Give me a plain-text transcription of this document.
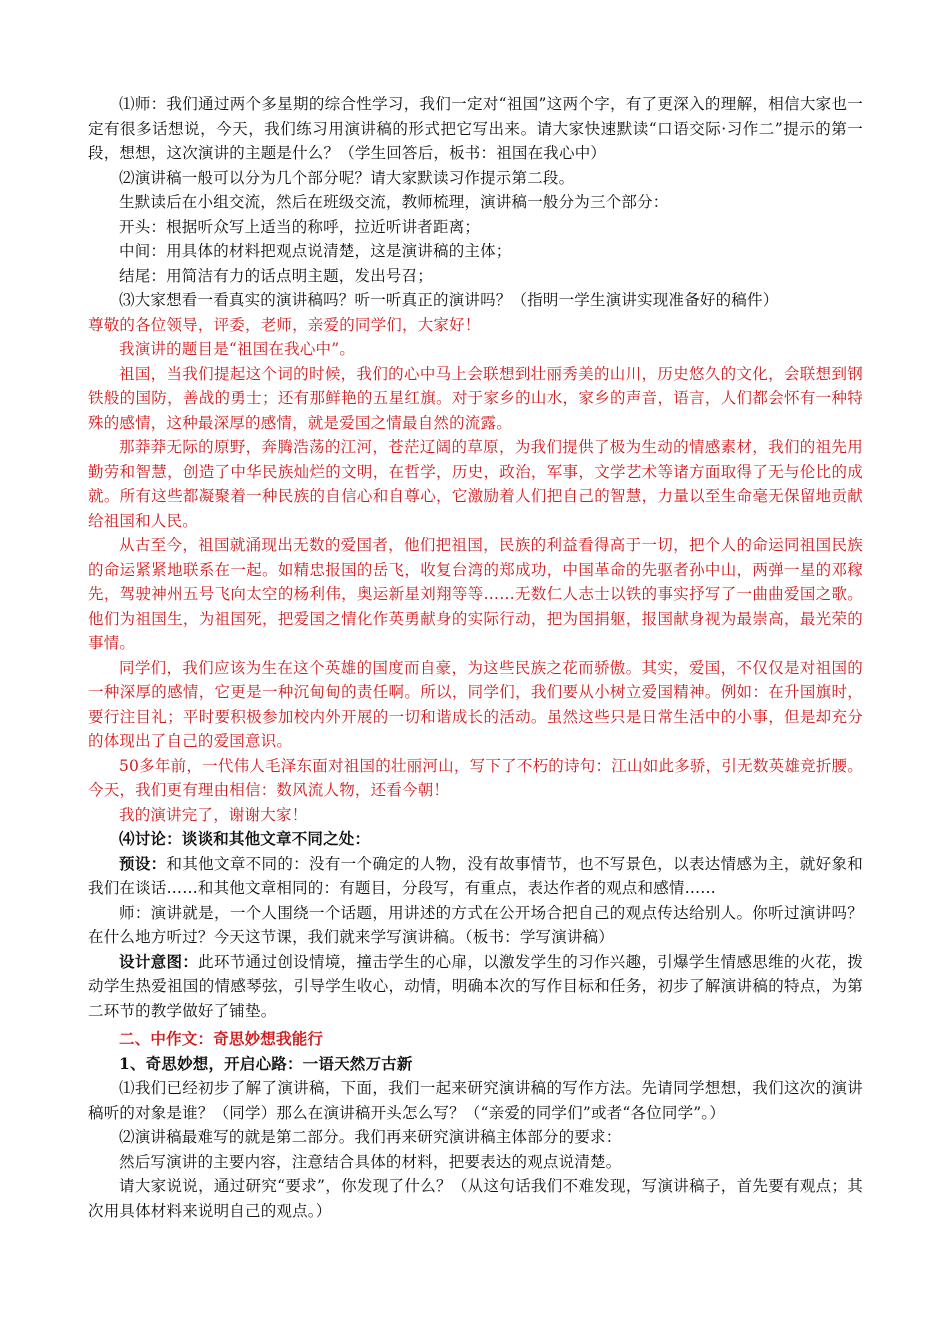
⑴师：我们通过两个多星期的综合性学习，我们一定对“祖国”这两个字，有了更深入的理解，相信大家也一定有很多话想说，今天，我们练习用演讲稿的形式把它写出来。请大家快速默读“口语交际·习作二”提示的第一段，想想，这次演讲的主题是什么？（学生回答后，板书：祖国在我心中）

⑵演讲稿一般可以分为几个部分呢？请大家默读习作提示第二段。

生默读后在小组交流，然后在班级交流，教师梳理，演讲稿一般分为三个部分：

开头：根据听众写上适当的称呼，拉近听讲者距离；

中间：用具体的材料把观点说清楚，这是演讲稿的主体；

结尾：用简洁有力的话点明主题，发出号召；

⑶大家想看一看真实的演讲稿吗？听一听真正的演讲吗？（指明一学生演讲实现准备好的稿件）

尊敬的各位领导，评委，老师，亲爱的同学们，大家好！

我演讲的题目是“祖国在我心中”。

祖国，当我们提起这个词的时候，我们的心中马上会联想到壮丽秀美的山川，历史悠久的文化，会联想到钢铁般的国防，善战的勇士；还有那鲜艳的五星红旗。对于家乡的山水，家乡的声音，语言，人们都会怀有一种特殊的感情，这种最深厚的感情，就是爱国之情最自然的流露。

那莽莽无际的原野，奔腾浩荡的江河，苍茫辽阔的草原，为我们提供了极为生动的情感素材，我们的祖先用勤劳和智慧，创造了中华民族灿烂的文明，在哲学，历史，政治，军事，文学艺术等诸方面取得了无与伦比的成就。所有这些都凝聚着一种民族的自信心和自尊心，它激励着人们把自己的智慧，力量以至生命毫无保留地贡献给祖国和人民。

从古至今，祖国就涌现出无数的爱国者，他们把祖国，民族的利益看得高于一切，把个人的命运同祖国民族的命运紧紧地联系在一起。如精忠报国的岳飞，收复台湾的郑成功，中国革命的先驱者孙中山，两弹一星的邓稼先，驾驶神州五号飞向太空的杨利伟，奥运新星刘翔等等……无数仁人志士以铁的事实抒写了一曲曲爱国之歌。他们为祖国生，为祖国死，把爱国之情化作英勇献身的实际行动，把为国捐躯，报国献身视为最崇高，最光荣的事情。

同学们，我们应该为生在这个英雄的国度而自豪，为这些民族之花而骄傲。其实，爱国，不仅仅是对祖国的一种深厚的感情，它更是一种沉甸甸的责任啊。所以，同学们，我们要从小树立爱国精神。例如：在升国旗时，要行注目礼；平时要积极参加校内外开展的一切和谐成长的活动。虽然这些只是日常生活中的小事，但是却充分的体现出了自己的爱国意识。

50多年前，一代伟人毛泽东面对祖国的壮丽河山，写下了不朽的诗句：江山如此多骄，引无数英雄竞折腰。今天，我们更有理由相信：数风流人物，还看今朝！

我的演讲完了，谢谢大家！

⑷讨论：谈谈和其他文章不同之处：

预设：和其他文章不同的：没有一个确定的人物，没有故事情节，也不写景色，以表达情感为主，就好象和我们在谈话……和其他文章相同的：有题目，分段写，有重点，表达作者的观点和感情……

师：演讲就是，一个人围绕一个话题，用讲述的方式在公开场合把自己的观点传达给别人。你听过演讲吗？在什么地方听过？今天这节课，我们就来学写演讲稿。（板书：学写演讲稿）

设计意图：此环节通过创设情境，撞击学生的心扉，以激发学生的习作兴趣，引爆学生情感思维的火花，拨动学生热爱祖国的情感琴弦，引导学生收心，动情，明确本次的写作目标和任务，初步了解演讲稿的特点，为第二环节的教学做好了铺垫。

二、中作文：奇思妙想我能行

1、奇思妙想，开启心路：一语天然万古新

⑴我们已经初步了解了演讲稿，下面，我们一起来研究演讲稿的写作方法。先请同学想想，我们这次的演讲稿听的对象是谁？（同学）那么在演讲稿开头怎么写？（“亲爱的同学们”或者“各位同学”。）

⑵演讲稿最难写的就是第二部分。我们再来研究演讲稿主体部分的要求：

然后写演讲的主要内容，注意结合具体的材料，把要表达的观点说清楚。

请大家说说，通过研究“要求”，你发现了什么？（从这句话我们不难发现，写演讲稿子，首先要有观点；其次用具体材料来说明自己的观点。）
